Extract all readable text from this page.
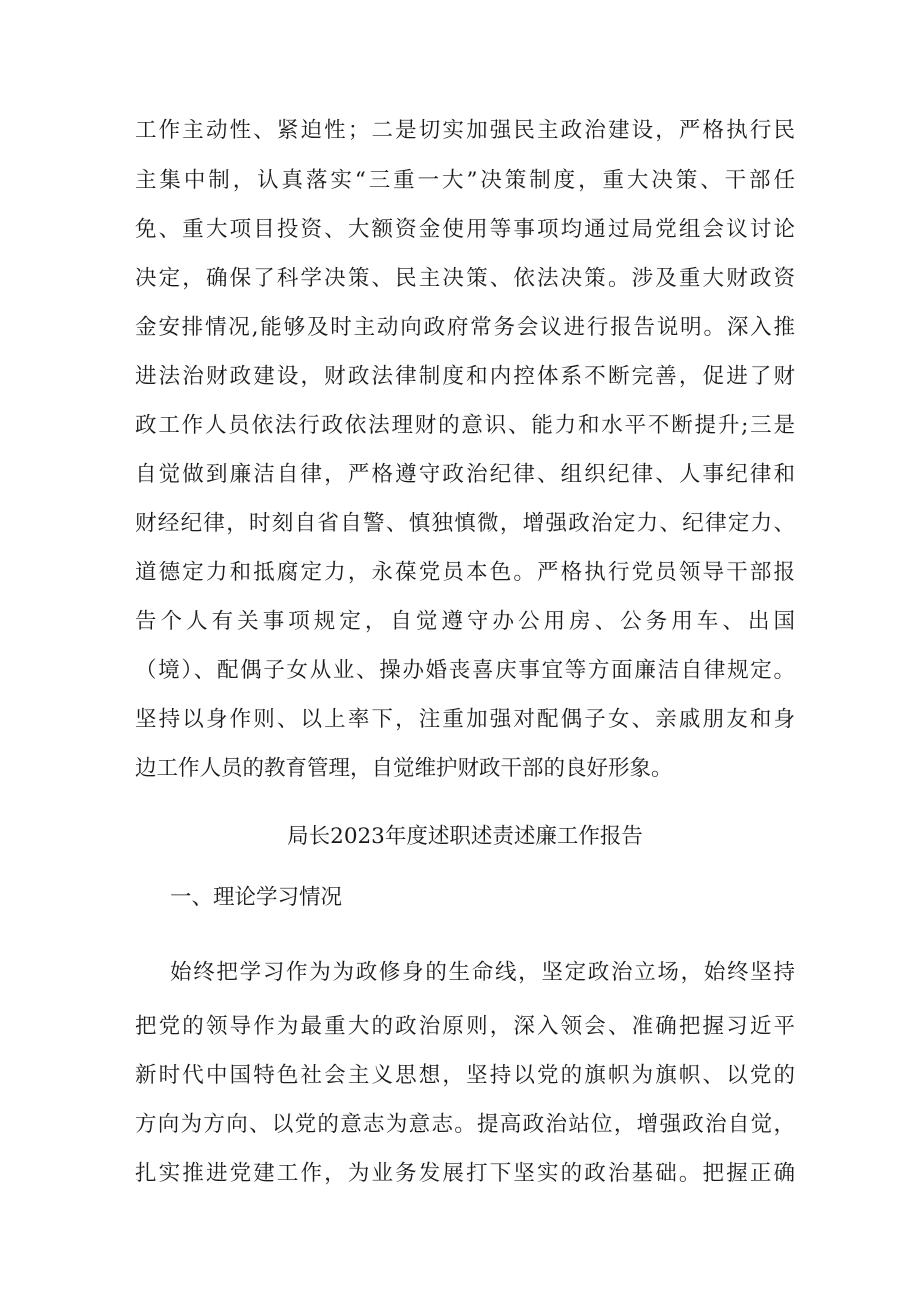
工作主动性、紧迫性；二是切实加强民主政治建设，严格执行民
主集中制，认真落实“三重一大”决策制度，重大决策、干部任
免、重大项目投资、大额资金使用等事项均通过局党组会议讨论
决定，确保了科学决策、民主决策、依法决策。涉及重大财政资
金安排情况,能够及时主动向政府常务会议进行报告说明。深入推
进法治财政建设，财政法律制度和内控体系不断完善，促进了财
政工作人员依法行政依法理财的意识、能力和水平不断提升;三是
自觉做到廉洁自律，严格遵守政治纪律、组织纪律、人事纪律和
财经纪律，时刻自省自警、慎独慎微，增强政治定力、纪律定力、
道德定力和抵腐定力，永葆党员本色。严格执行党员领导干部报
告个人有关事项规定，自觉遵守办公用房、公务用车、出国
（境）、配偶子女从业、操办婚丧喜庆事宜等方面廉洁自律规定。
坚持以身作则、以上率下，注重加强对配偶子女、亲戚朋友和身
边工作人员的教育管理，自觉维护财政干部的良好形象。
局长2023年度述职述责述廉工作报告
一、理论学习情况
始终把学习作为为政修身的生命线，坚定政治立场，始终坚持
把党的领导作为最重大的政治原则，深入领会、准确把握习近平
新时代中国特色社会主义思想，坚持以党的旗帜为旗帜、以党的
方向为方向、以党的意志为意志。提高政治站位，增强政治自觉，
扎实推进党建工作，为业务发展打下坚实的政治基础。把握正确
